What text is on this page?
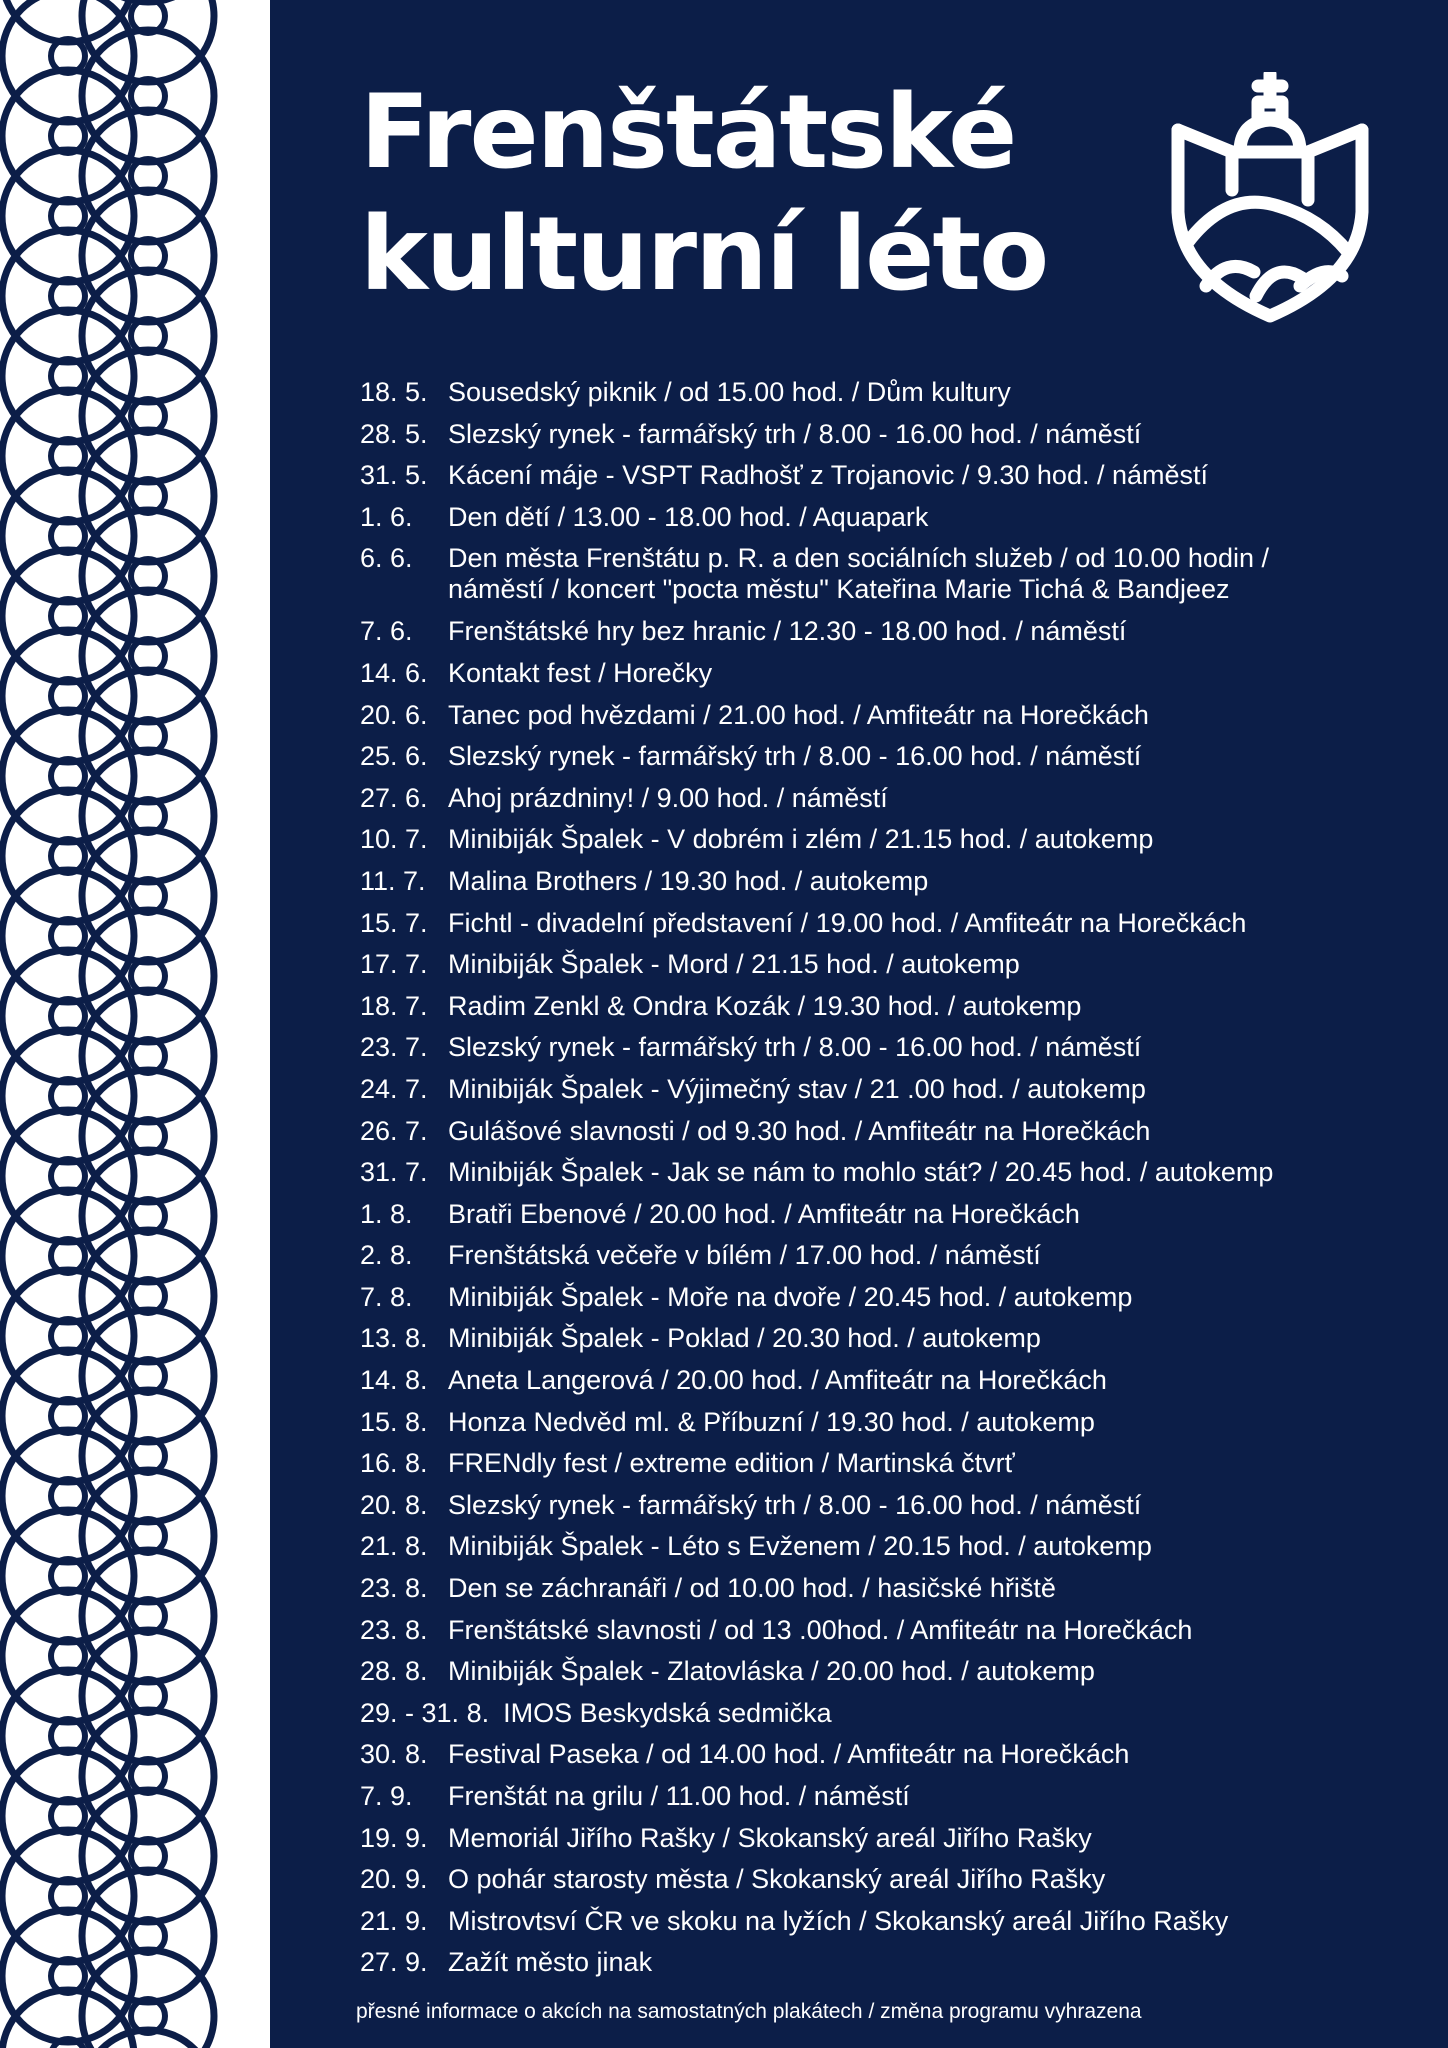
Frenštátské
kulturní léto
18. 5. Sousedský piknik / od 15.00 hod. / Dům kultury
28. 5. Slezský rynek - farmářský trh / 8.00 - 16.00 hod. / náměstí
31. 5. Kácení máje - VSPT Radhošť z Trojanovic / 9.30 hod. / náměstí
1. 6.	Den dětí / 13.00 - 18.00 hod. / Aquapark
6. 6.	Den města Frenštátu p. R. a den sociálních služeb / od 10.00 hodin /
náměstí / koncert "pocta městu" Kateřina Marie Tichá & Bandjeez
7. 6.	Frenštátské hry bez hranic / 12.30 - 18.00 hod. / náměstí
14. 6. Kontakt fest / Horečky
20. 6. Tanec pod hvězdami / 21.00 hod. / Amfiteátr na Horečkách
25. 6. Slezský rynek - farmářský trh / 8.00 - 16.00 hod. / náměstí
27. 6. Ahoj prázdniny! / 9.00 hod. / náměstí
10. 7. Minibiják Špalek - V dobrém i zlém / 21.15 hod. / autokemp
11. 7. Malina Brothers / 19.30 hod. / autokemp
15. 7. Fichtl - divadelní představení / 19.00 hod. / Amfiteátr na Horečkách
17. 7. Minibiják Špalek - Mord / 21.15 hod. / autokemp
18. 7. Radim Zenkl & Ondra Kozák / 19.30 hod. / autokemp
23. 7. Slezský rynek - farmářský trh / 8.00 - 16.00 hod. / náměstí
24. 7. Minibiják Špalek - Výjimečný stav / 21 .00 hod. / autokemp
26. 7. Gulášové slavnosti / od 9.30 hod. / Amfiteátr na Horečkách
31. 7. Minibiják Špalek - Jak se nám to mohlo stát? / 20.45 hod. / autokemp
1. 8.	Bratři Ebenové / 20.00 hod. / Amfiteátr na Horečkách
2. 8.	Frenštátská večeře v bílém / 17.00 hod. / náměstí
7. 8.	Minibiják Špalek - Moře na dvoře / 20.45 hod. / autokemp
13. 8. Minibiják Špalek - Poklad / 20.30 hod. / autokemp
14. 8. Aneta Langerová / 20.00 hod. / Amfiteátr na Horečkách
15. 8. Honza Nedvěd ml. & Příbuzní / 19.30 hod. / autokemp
16. 8. FRENdly fest / extreme edition / Martinská čtvrť
20. 8. Slezský rynek - farmářský trh / 8.00 - 16.00 hod. / náměstí
21. 8. Minibiják Špalek - Léto s Evženem / 20.15 hod. / autokemp
23. 8. Den se záchranáři / od 10.00 hod. / hasičské hřiště
23. 8. Frenštátské slavnosti / od 13 .00hod. / Amfiteátr na Horečkách
28. 8. Minibiják Špalek - Zlatovláska / 20.00 hod. / autokemp
29. - 31. 8. IMOS Beskydská sedmička
30. 8. Festival Paseka / od 14.00 hod. / Amfiteátr na Horečkách
7. 9.	Frenštát na grilu / 11.00 hod. / náměstí
19. 9. Memoriál Jiřího Rašky / Skokanský areál Jiřího Rašky
20. 9. O pohár starosty města / Skokanský areál Jiřího Rašky
21. 9. Mistrovtsví ČR ve skoku na lyžích / Skokanský areál Jiřího Rašky
27. 9. Zažít město jinak

přesné informace o akcích na samostatných plakátech / změna programu vyhrazena
